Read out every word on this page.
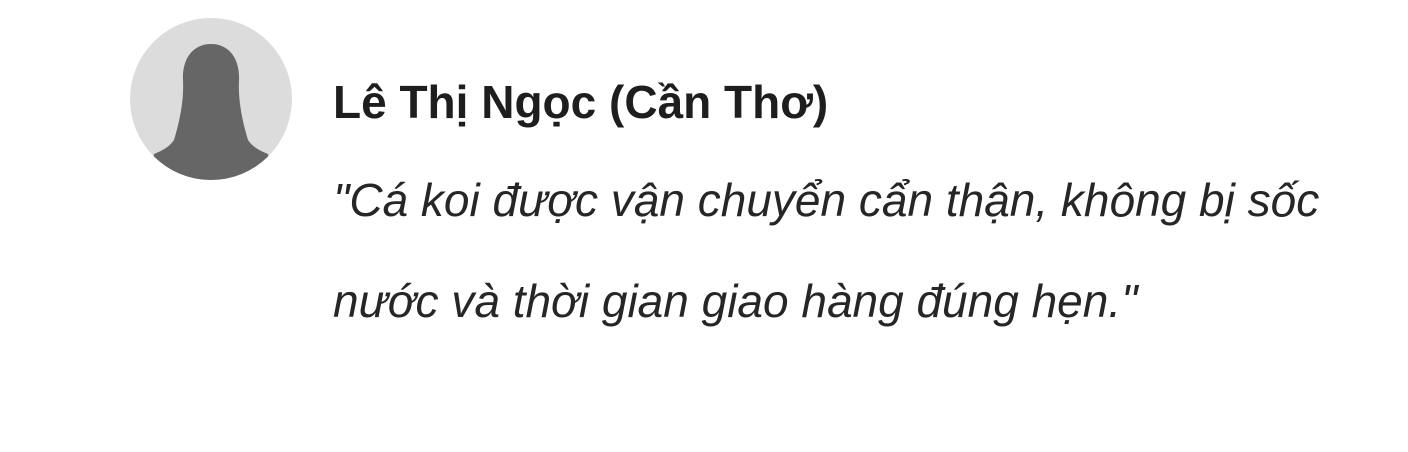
Lê Thị Ngọc (Cần Thơ)

"Cá koi được vận chuyển cẩn thận, không bị sốc nước và thời gian giao hàng đúng hẹn."
